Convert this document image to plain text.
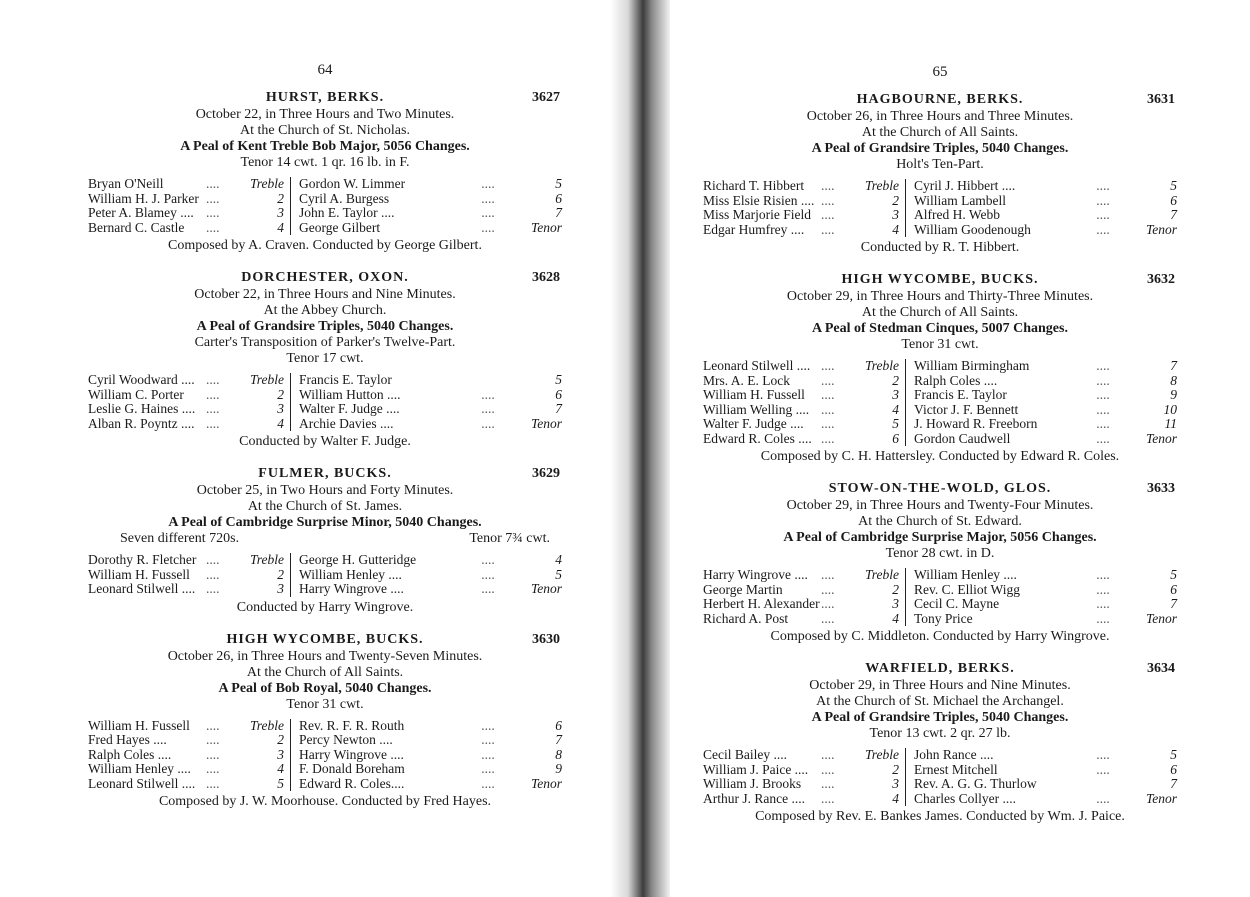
64
HURST, BERKS.	3627
October 22, in Three Hours and Two Minutes.
At the Church of St. Nicholas.
A Peal of Kent Treble Bob Major, 5056 Changes.
Tenor 14 cwt. 1 qr. 16 lb. in F.
Bryan O'Neill	....	Treble	Gordon W. Limmer	....	5
William H. J. Parker	....	2	Cyril A. Burgess	....	6
Peter A. Blamey ....	....	3	John E. Taylor ....	....	7
Bernard C. Castle	....	4	George Gilbert	....	Tenor
Composed by A. Craven. Conducted by George Gilbert.
DORCHESTER, OXON.	3628
October 22, in Three Hours and Nine Minutes.
At the Abbey Church.
A Peal of Grandsire Triples, 5040 Changes.
Carter's Transposition of Parker's Twelve-Part.
Tenor 17 cwt.
Cyril Woodward ....	....	Treble	Francis E. Taylor		5
William C. Porter	....	2	William Hutton ....	....	6
Leslie G. Haines ....	....	3	Walter F. Judge ....	....	7
Alban R. Poyntz ....	....	4	Archie Davies ....	....	Tenor
Conducted by Walter F. Judge.
FULMER, BUCKS.	3629
October 25, in Two Hours and Forty Minutes.
At the Church of St. James.
A Peal of Cambridge Surprise Minor, 5040 Changes.
Seven different 720s.	Tenor 7¾ cwt.
Dorothy R. Fletcher	....	Treble	George H. Gutteridge	....	4
William H. Fussell	....	2	William Henley ....	....	5
Leonard Stilwell ....	....	3	Harry Wingrove ....	....	Tenor
Conducted by Harry Wingrove.
HIGH WYCOMBE, BUCKS.	3630
October 26, in Three Hours and Twenty-Seven Minutes.
At the Church of All Saints.
A Peal of Bob Royal, 5040 Changes.
Tenor 31 cwt.
William H. Fussell	....	Treble	Rev. R. F. R. Routh	....	6
Fred Hayes ....	....	2	Percy Newton ....	....	7
Ralph Coles ....	....	3	Harry Wingrove ....	....	8
William Henley ....	....	4	F. Donald Boreham	....	9
Leonard Stilwell ....	....	5	Edward R. Coles....	....	Tenor
Composed by J. W. Moorhouse. Conducted by Fred Hayes.
65
HAGBOURNE, BERKS.	3631
October 26, in Three Hours and Three Minutes.
At the Church of All Saints.
A Peal of Grandsire Triples, 5040 Changes.
Holt's Ten-Part.
Richard T. Hibbert	....	Treble	Cyril J. Hibbert ....	....	5
Miss Elsie Risien ....	....	2	William Lambell	....	6
Miss Marjorie Field	....	3	Alfred H. Webb	....	7
Edgar Humfrey ....	....	4	William Goodenough	....	Tenor
Conducted by R. T. Hibbert.
HIGH WYCOMBE, BUCKS.	3632
October 29, in Three Hours and Thirty-Three Minutes.
At the Church of All Saints.
A Peal of Stedman Cinques, 5007 Changes.
Tenor 31 cwt.
Leonard Stilwell ....	....	Treble	William Birmingham	....	7
Mrs. A. E. Lock	....	2	Ralph Coles ....	....	8
William H. Fussell	....	3	Francis E. Taylor	....	9
William Welling ....	....	4	Victor J. F. Bennett	....	10
Walter F. Judge ....	....	5	J. Howard R. Freeborn	....	11
Edward R. Coles ....	....	6	Gordon Caudwell	....	Tenor
Composed by C. H. Hattersley. Conducted by Edward R. Coles.
STOW-ON-THE-WOLD, GLOS.	3633
October 29, in Three Hours and Twenty-Four Minutes.
At the Church of St. Edward.
A Peal of Cambridge Surprise Major, 5056 Changes.
Tenor 28 cwt. in D.
Harry Wingrove ....	....	Treble	William Henley ....	....	5
George Martin	....	2	Rev. C. Elliot Wigg	....	6
Herbert H. Alexander	....	3	Cecil C. Mayne	....	7
Richard A. Post	....	4	Tony Price	....	Tenor
Composed by C. Middleton. Conducted by Harry Wingrove.
WARFIELD, BERKS.	3634
October 29, in Three Hours and Nine Minutes.
At the Church of St. Michael the Archangel.
A Peal of Grandsire Triples, 5040 Changes.
Tenor 13 cwt. 2 qr. 27 lb.
Cecil Bailey ....	....	Treble	John Rance ....	....	5
William J. Paice ....	....	2	Ernest Mitchell	....	6
William J. Brooks	....	3	Rev. A. G. G. Thurlow		7
Arthur J. Rance ....	....	4	Charles Collyer ....	....	Tenor
Composed by Rev. E. Bankes James. Conducted by Wm. J. Paice.
